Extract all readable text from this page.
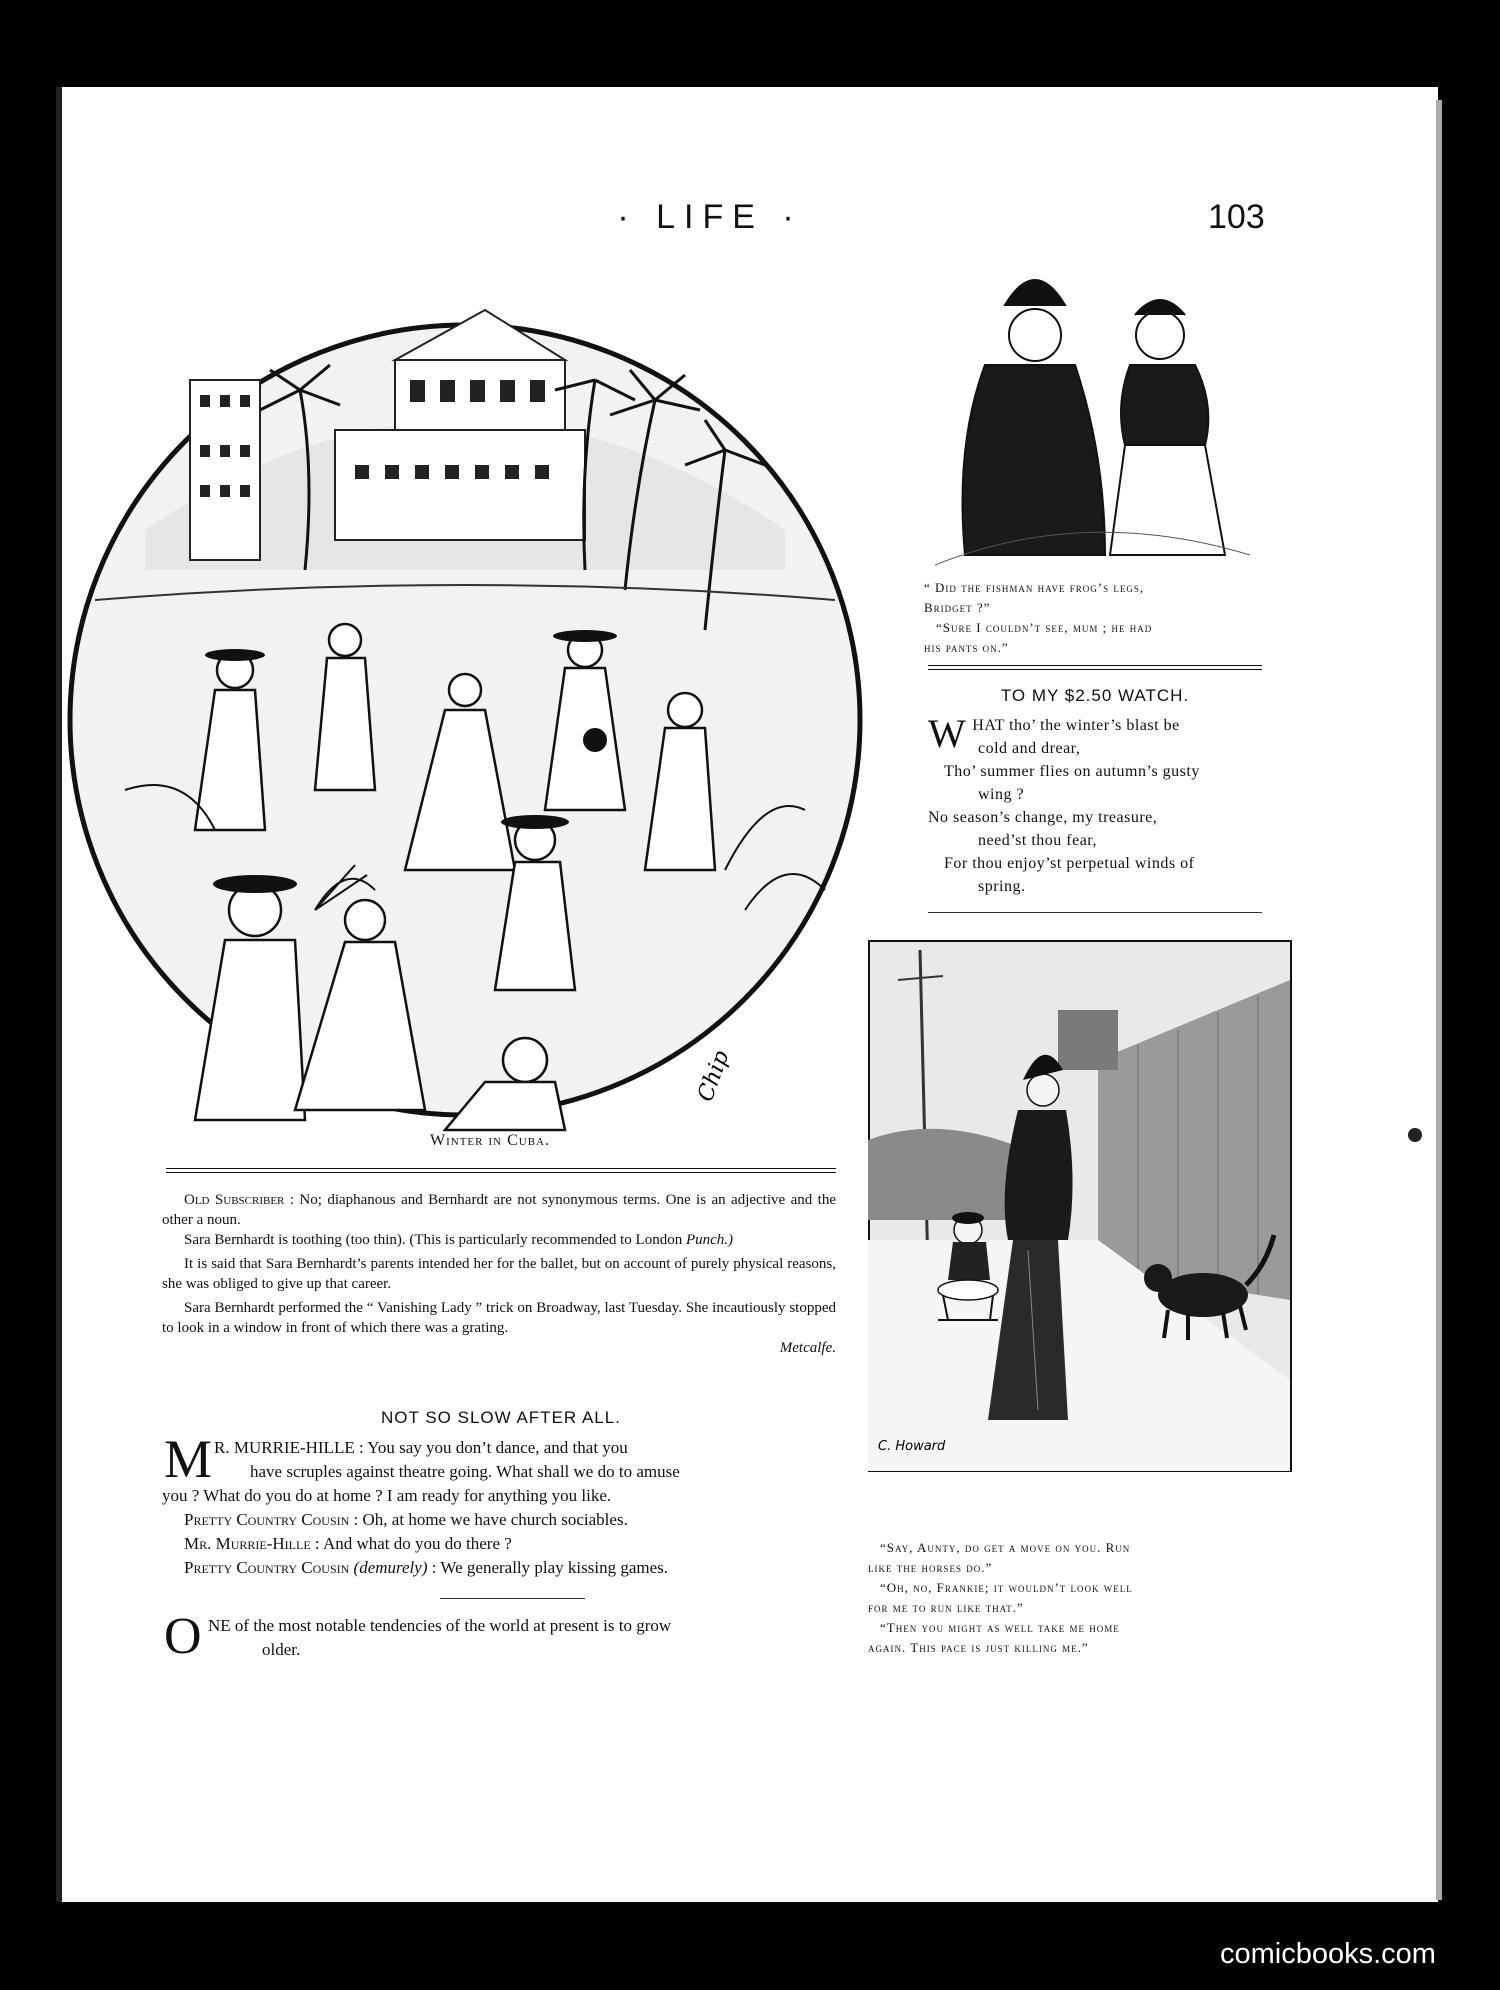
· LIFE ·	103
Chip
Winter in Cuba.
“ Did the fishman have frog’s legs,
Bridget ?”
“Sure I couldn’t see, mum ; he had
his pants on.”
TO MY $2.50 WATCH.
WHAT tho’ the winter’s blast be
cold and drear,
Tho’ summer flies on autumn’s gusty
wing ?
No season’s change, my treasure,
need’st thou fear,
For thou enjoy’st perpetual winds of
spring.
C. Howard
“Say, Aunty, do get a move on you. Run
like the horses do.”
“Oh, no, Frankie; it wouldn’t look well
for me to run like that.”
“Then you might as well take me home
again. This pace is just killing me.”

Old Subscriber : No; diaphanous and Bernhardt are not synonymous terms. One is an adjective and the other a noun.

Sara Bernhardt is toothing (too thin). (This is particularly recommended to London Punch.)

It is said that Sara Bernhardt’s parents intended her for the ballet, but on account of purely physical reasons, she was obliged to give up that career.

Sara Bernhardt performed the “ Vanishing Lady ” trick on Broadway, last Tuesday. She incautiously stopped to look in a window in front of which there was a grating.

Metcalfe.
NOT SO SLOW AFTER ALL.
M R. MURRIE-HILLE : You say you don’t dance, and that you
have scruples against theatre going. What shall we do to amuse
you ? What do you do at home ? I am ready for anything you like.
Pretty Country Cousin : Oh, at home we have church sociables.
Mr. Murrie-Hille : And what do you do there ?
Pretty Country Cousin (demurely) : We generally play kissing games.
O NE of the most notable tendencies of the world at present is to grow
older.
comicbooks.com
